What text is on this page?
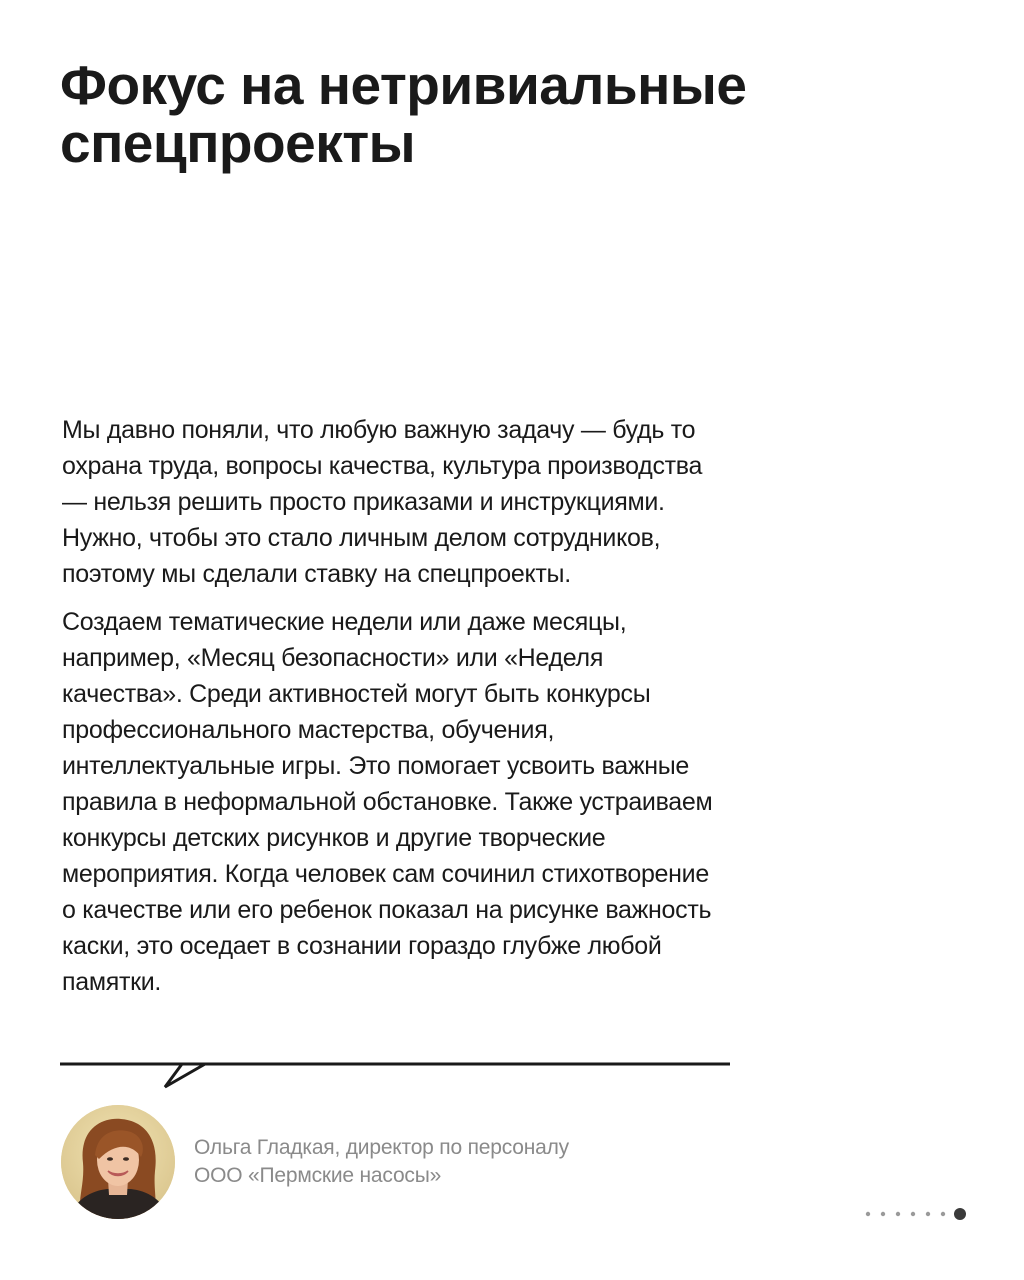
Фокус на нетривиальные
спецпроекты

Мы давно поняли, что любую важную задачу — будь то
охрана труда, вопросы качества, культура производства
— нельзя решить просто приказами и инструкциями.
Нужно, чтобы это стало личным делом сотрудников,
поэтому мы сделали ставку на спецпроекты.

Создаем тематические недели или даже месяцы,
например, «Месяц безопасности» или «Неделя
качества». Среди активностей могут быть конкурсы
профессионального мастерства, обучения,
интеллектуальные игры. Это помогает усвоить важные
правила в неформальной обстановке. Также устраиваем
конкурсы детских рисунков и другие творческие
мероприятия. Когда человек сам сочинил стихотворение
о качестве или его ребенок показал на рисунке важность
каски, это оседает в сознании гораздо глубже любой
памятки.

Ольга Гладкая, директор по персоналу
ООО «Пермские насосы»
